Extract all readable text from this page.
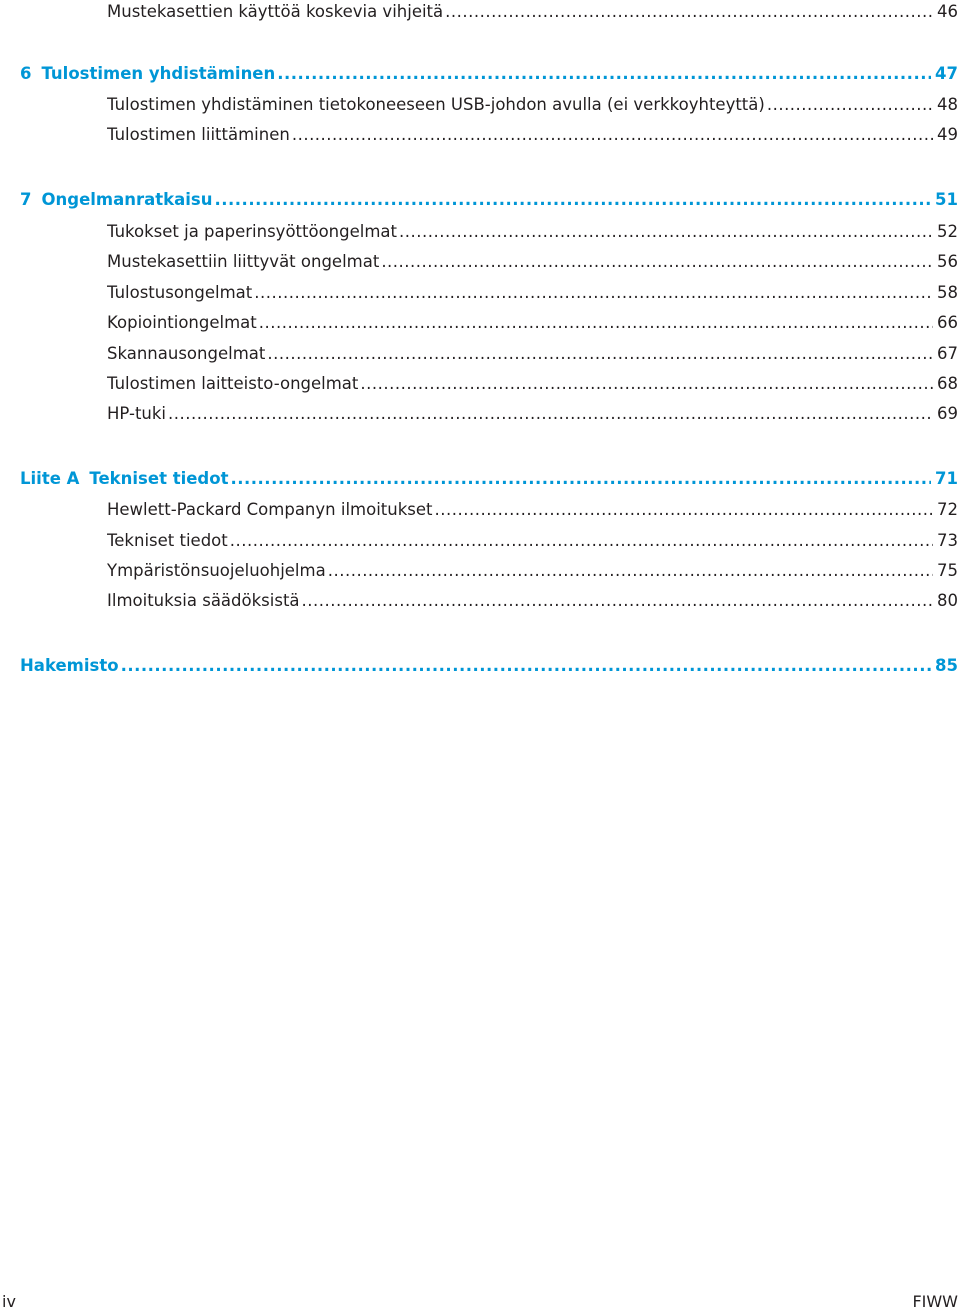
Mustekasettien käyttöä koskevia vihjeitä .....	46
6 Tulostimen yhdistäminen .....	47
Tulostimen yhdistäminen tietokoneeseen USB-johdon avulla (ei verkkoyhteyttä) .....	48
Tulostimen liittäminen .....	49
7 Ongelmanratkaisu .....	51
Tukokset ja paperinsyöttöongelmat .....	52
Mustekasettiin liittyvät ongelmat .....	56
Tulostusongelmat .....	58
Kopiointiongelmat .....	66
Skannausongelmat .....	67
Tulostimen laitteisto-ongelmat .....	68
HP-tuki .....	69
Liite A Tekniset tiedot .....	71
Hewlett-Packard Companyn ilmoitukset .....	72
Tekniset tiedot .....	73
Ympäristönsuojeluohjelma .....	75
Ilmoituksia säädöksistä .....	80
Hakemisto .....	85
iv	FIWW
